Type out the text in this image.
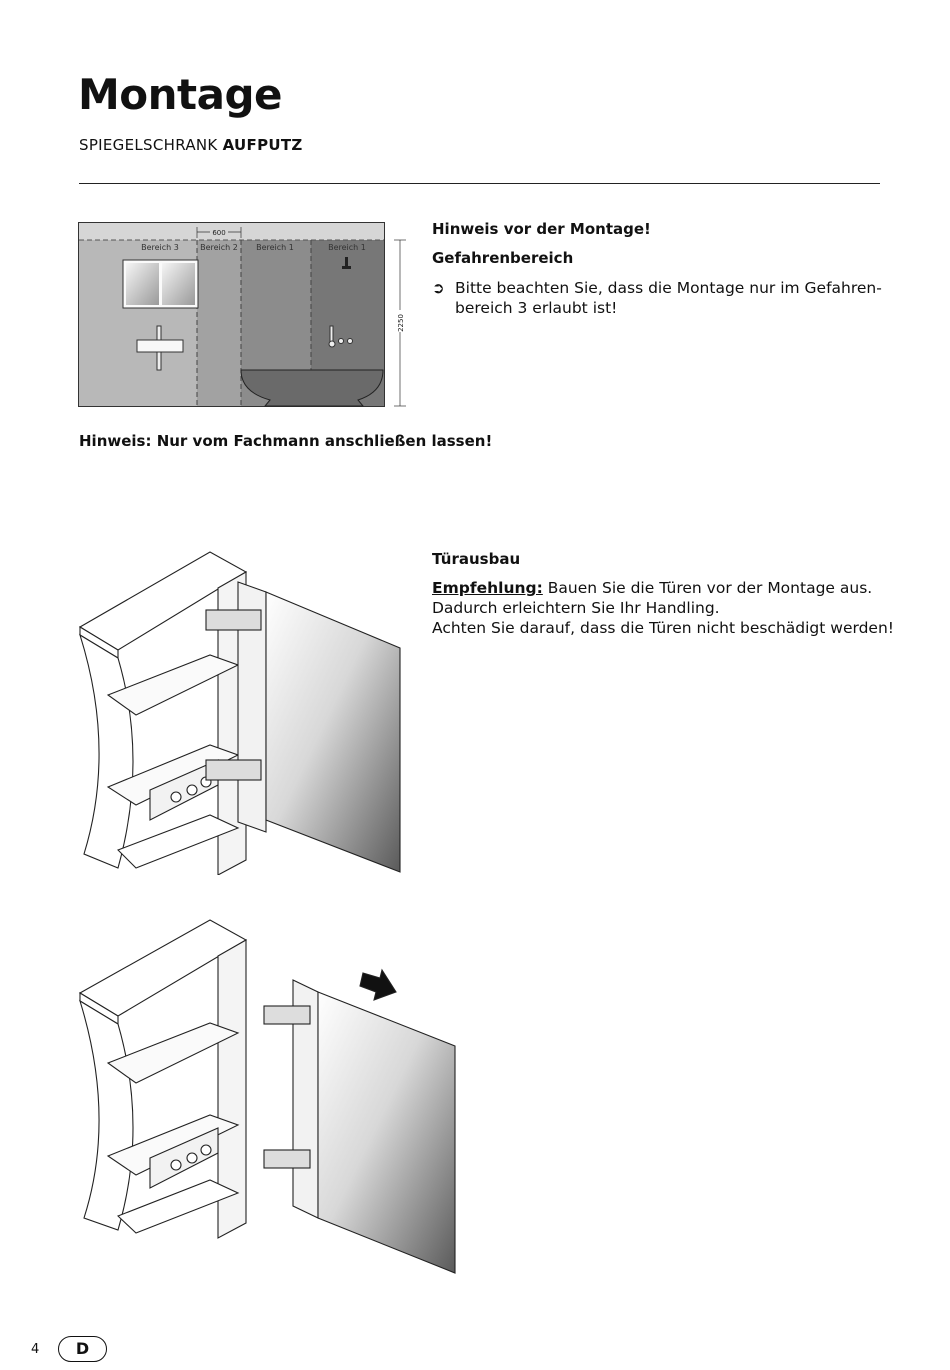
Montage
SPIEGELSCHRANK AUFPUTZ
600
Bereich 3	Bereich 2 Bereich 1	Bereich 1
2250
Hinweis vor der Montage!
Gefahrenbereich
➲ Bitte beachten Sie, dass die Montage nur im Gefahren-bereich 3 erlaubt ist!
Hinweis: Nur vom Fachmann anschließen lassen!
Türausbau
Empfehlung: Bauen Sie die Türen vor der Montage aus.
Dadurch erleichtern Sie Ihr Handling.
Achten Sie darauf, dass die Türen nicht beschädigt werden!
4	D
